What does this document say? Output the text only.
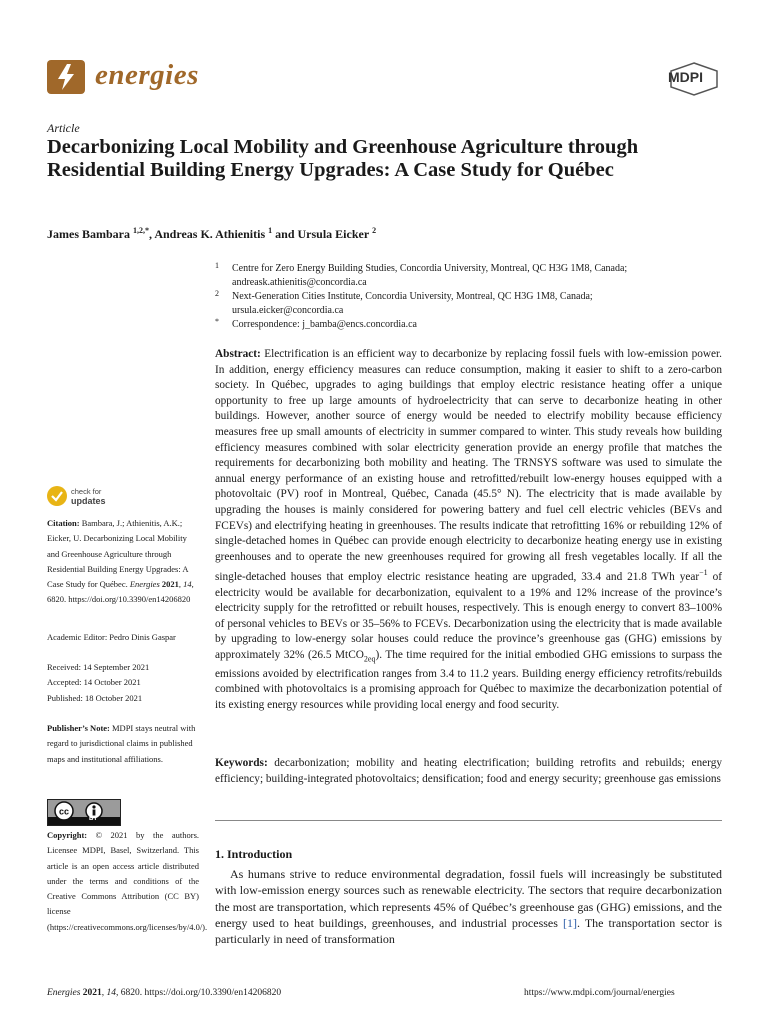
energies	MDPI
Article
Decarbonizing Local Mobility and Greenhouse Agriculture through Residential Building Energy Upgrades: A Case Study for Québec
James Bambara $^{1,2,*}$, Andreas K. Athienitis $^1$ and Ursula Eicker $^2$
1 Centre for Zero Energy Building Studies, Concordia University, Montreal, QC H3G 1M8, Canada;
andreask.athienitis@concordia.ca
2 Next-Generation Cities Institute, Concordia University, Montreal, QC H3G 1M8, Canada;
ursula.eicker@concordia.ca
* Correspondence: j_bamba@encs.concordia.ca
Abstract: Electrification is an efficient way to decarbonize by replacing fossil fuels with low-emission power. In addition, energy efficiency measures can reduce consumption, making it easier to shift to a zero-carbon society. In Québec, upgrades to aging buildings that employ electric resistance heating offer a unique opportunity to free up large amounts of hydroelectricity that can serve to decarbonize heating in other buildings. However, another source of energy would be needed to electrify mobility because efficiency measures free up small amounts of electricity in summer compared to winter. This study reveals how building efficiency measures combined with solar electricity generation provide an energy profile that matches the requirements for decarbonizing both mobility and heating. The TRNSYS software was used to simulate the annual energy performance of an existing house and retrofitted/rebuilt low-energy houses equipped with a photovoltaic (PV) roof in Montreal, Québec, Canada (45.5° N). The electricity that is made available by upgrading the houses is mainly considered for powering battery and fuel cell electric vehicles (BEVs and FCEVs) and electrifying heating in greenhouses. The results indicate that retrofitting 16% or rebuilding 12% of single-detached homes in Québec can provide enough electricity to decarbonize heating energy use in existing greenhouses and to operate the new greenhouses required for growing all fresh vegetables locally. If all the single-detached houses that employ electric resistance heating are upgraded, 33.4 and 21.8 TWh year$^{-1}$ of electricity would be available for decarbonization, equivalent to a 19% and 12% increase of the province’s electricity supply for the retrofitted or rebuilt houses, respectively. This is enough energy to convert 83–100% of personal vehicles to BEVs or 35–56% to FCEVs. Decarbonization using the electricity that is made available by upgrading to low-energy solar houses could reduce the province’s greenhouse gas (GHG) emissions by approximately 32% (26.5 MtCO$_{2eq}$). The time required for the initial embodied GHG emissions to surpass the emissions avoided by electrification ranges from 3.4 to 11.2 years. Building energy efficiency retrofits/rebuilds combined with photovoltaics is a promising approach for Québec to maximize the decarbonization potential of its existing energy resources while providing local energy and food security.
Keywords: decarbonization; mobility and heating electrification; building retrofits and rebuilds; energy efficiency; building-integrated photovoltaics; densification; food and energy security; greenhouse gas emissions
1. Introduction
As humans strive to reduce environmental degradation, fossil fuels will increasingly be substituted with low-emission energy sources such as renewable electricity. The sectors that require decarbonization the most are transportation, which represents 45% of Québec’s greenhouse gas (GHG) emissions, and the energy used to heat buildings, greenhouses, and industrial processes [1]. The transportation sector is particularly in need of transformation
check for
updates
Citation: Bambara, J.; Athienitis, A.K.; Eicker, U. Decarbonizing Local Mobility and Greenhouse Agriculture through Residential Building Energy Upgrades: A Case Study for Québec. Energies 2021, 14, 6820. https://doi.org/10.3390/en14206820
Academic Editor: Pedro Dinis Gaspar
Received: 14 September 2021
Accepted: 14 October 2021
Published: 18 October 2021
Publisher’s Note: MDPI stays neutral with regard to jurisdictional claims in published maps and institutional affiliations.
cc
BY
Copyright: © 2021 by the authors. Licensee MDPI, Basel, Switzerland. This article is an open access article distributed under the terms and conditions of the Creative Commons Attribution (CC BY) license (https://creativecommons.org/licenses/by/4.0/).
Energies 2021, 14, 6820. https://doi.org/10.3390/en14206820	https://www.mdpi.com/journal/energies
